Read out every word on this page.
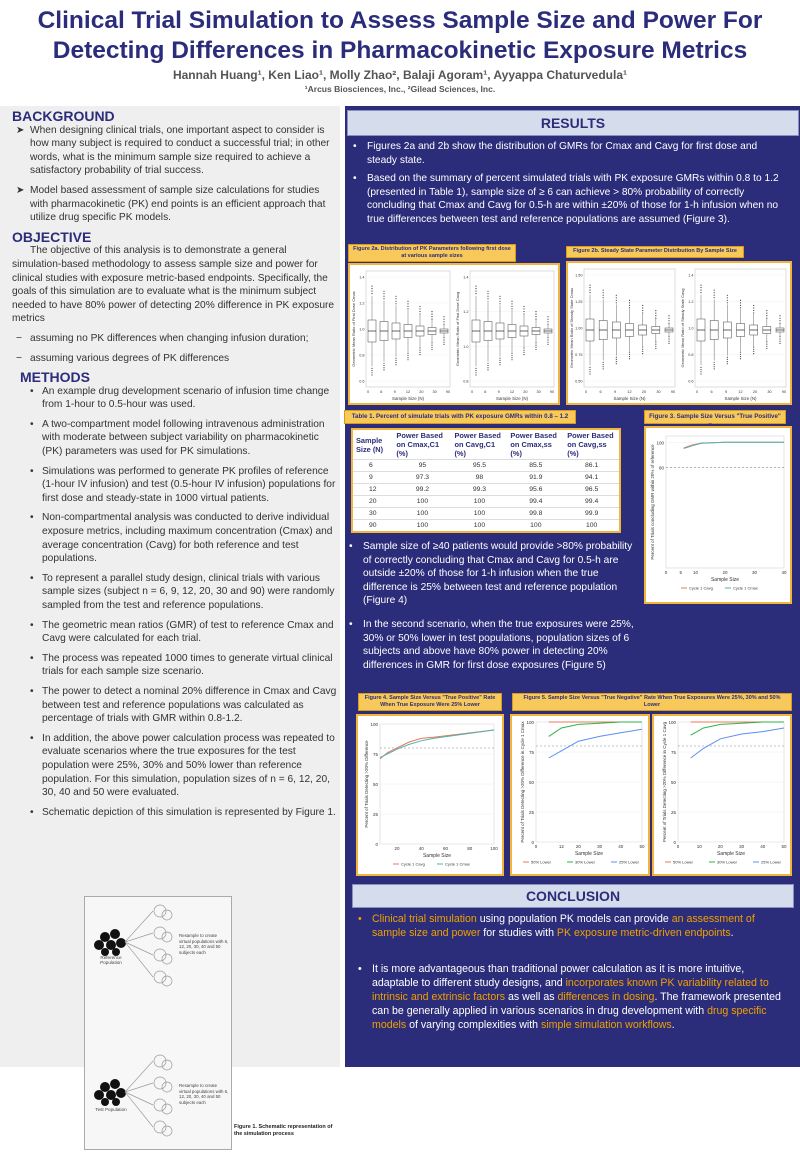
Clinical Trial Simulation to Assess Sample Size and Power For
Detecting Differences in Pharmacokinetic Exposure Metrics
Hannah Huang¹, Ken Liao¹, Molly Zhao², Balaji Agoram¹, Ayyappa Chaturvedula¹
¹Arcus Biosciences, Inc., ²Gilead Sciences, Inc.
BACKGROUND
➤ When designing clinical trials, one important aspect to consider is how many subject is required to conduct a successful trial; in other words, what is the minimum sample size required to achieve a satisfactory probability of trial success.

➤ Model based assessment of sample size calculations for studies with pharmacokinetic (PK) end points is an efficient approach that utilize drug specific PK models.

OBJECTIVE

The objective of this analysis is to demonstrate a general simulation-based methodology to assess sample size and power for clinical studies with exposure metric-based endpoints. Specifically, the goals of this simulation are to evaluate what is the minimum subject needed to have 80% power of detecting 20% difference in PK exposure metrics

− assuming no PK differences when changing infusion duration;

− assuming various degrees of PK differences

METHODS
• An example drug development scenario of infusion time change from 1-hour to 0.5-hour was used.

• A two-compartment model following intravenous administration with moderate between subject variability on pharmacokinetic (PK) parameters was used for PK simulations.

• Simulations was performed to generate PK profiles of reference (1-hour IV infusion) and test (0.5-hour IV infusion) populations for first dose and steady-state in 1000 virtual patients.

• Non-compartmental analysis was conducted to derive individual exposure metrics, including maximum concentration (Cmax) and average concentration (Cavg) for both reference and test populations.

• To represent a parallel study design, clinical trials with various sample sizes (subject n = 6, 9, 12, 20, 30 and 90) were randomly sampled from the test and reference populations.

• The geometric mean ratios (GMR) of test to reference Cmax and Cavg were calculated for each trial.

• The process was repeated 1000 times to generate virtual clinical trials for each sample size scenario.

• The power to detect a nominal 20% difference in Cmax and Cavg between test and reference populations was calculated as percentage of trials with GMR within 0.8-1.2.

• In addition, the above power calculation process was repeated to evaluate scenarios where the true exposures for the test population were 25%, 30% and 50% lower than reference population. For this simulation, population sizes of n = 6, 12, 20, 30, 40 and 50 were evaluated.

• Schematic depiction of this simulation is represented by Figure 1.

Reference Population
Test Population
Resample to create virtual populations with 6, 12, 20, 30, 40 and 50 subjects each
Resample to create virtual populations with 6, 12, 20, 30, 40 and 50 subjects each
Figure 1. Schematic representation of the simulation process
RESULTS
• Figures 2a and 2b show the distribution of GMRs for Cmax and Cavg for first dose and steady state.

• Based on the summary of percent simulated trials with PK exposure GMRs within 0.8 to 1.2 (presented in Table 1), sample size of ≥ 6 can achieve > 80% probability of correctly concluding that Cmax and Cavg for 0.5-h are within ±20% of those for 1-h infusion when no true differences between test and reference populations are assumed (Figure 3).

Figure 2a. Distribution of PK Parameters following first dose at various sample sizes
Figure 2b. Steady State Parameter Distribution By Sample Size
1.4
1.2
1.0
0.8
0.6
Geometric Mean Ratio of First Dose Cmax
1.4
1.2
1.0
0.8
Geometric Mean Ratio of First Dose Cavg
0	6	9	12 20 30 90
Sample Size (N)
0	6	9	12 20 30 90
Sample Size (N)
1.50
1.25
1.00
0.75
0.50
Geometric Mean Ratio of Steady State Cmax
1.4
1.2
1.0
0.8
0.6
Geometric Mean Ratio of Steady State Cavg
0	6	9	12	20	30	90
Sample Size (N)
0	6	9	12	20	30	90
Sample Size (N)
Table 1. Percent of simulate trials with PK exposure GMRs within 0.8 – 1.2
Sample Size (N)	Power Based on Cmax,C1 (%)	Power Based on Cavg,C1 (%)	Power Based on Cmax,ss (%)	Power Based on Cavg,ss (%)
6	95	95.5	85.5	86.1
9	97.3	98	91.9	94.1
12	99.2	99.3	95.6	96.5
20	100	100	99.4	99.4
30	100	100	99.8	99.9
90	100	100	100	100
Figure 3. Sample Size Versus "True Positive"
100
80
0	5 10	20	30	40
Sample Size
Percent of Trials concluding GMR within 20% of reference
Cycle 1 Cavg	Cycle 1 Cmax
• Sample size of ≥40 patients would provide >80% probability of correctly concluding that Cmax and Cavg for 0.5-h are outside ±20% of those for 1-h infusion when the true difference is 25% between test and reference population (Figure 4)

• In the second scenario, when the true exposures were 25%, 30% or 50% lower in test populations, population sizes of 6 subjects and above have 80% power in detecting 20% differences in GMR for first dose exposures (Figure 5)

Figure 4. Sample Size Versus "True Positive" Rate When True Exposure Were 25% Lower
100
75
50
25
0
20	40	60	80	100
Sample Size
Percent of Trials Detecting >20% Difference
Cycle 1 Cavg	Cycle 1 Cmax
Figure 5. Sample Size Versus "True Negative" Rate When True Exposures Were 25%, 30% and 50% Lower
100
75
50
25
0
0	12	20	30	40	50
Sample Size
Percent of Trials Detecting >20% Difference in Cycle 1 Cmax
50% Lower	30% Lower	25% Lower
100
75
50
25
0
0	10	20	30	40	50
Sample Size
Percent of Trials Detecting >20% Difference in Cycle 1 Cavg
50% Lower	30% Lower	25% Lower
CONCLUSION
• Clinical trial simulation using population PK models can provide an assessment of sample size and power for studies with PK exposure metric-driven endpoints.

• It is more advantageous than traditional power calculation as it is more intuitive, adaptable to different study designs, and incorporates known PK variability related to intrinsic and extrinsic factors as well as differences in dosing. The framework presented can be generally applied in various scenarios in drug development with drug specific models of varying complexities with simple simulation workflows.
